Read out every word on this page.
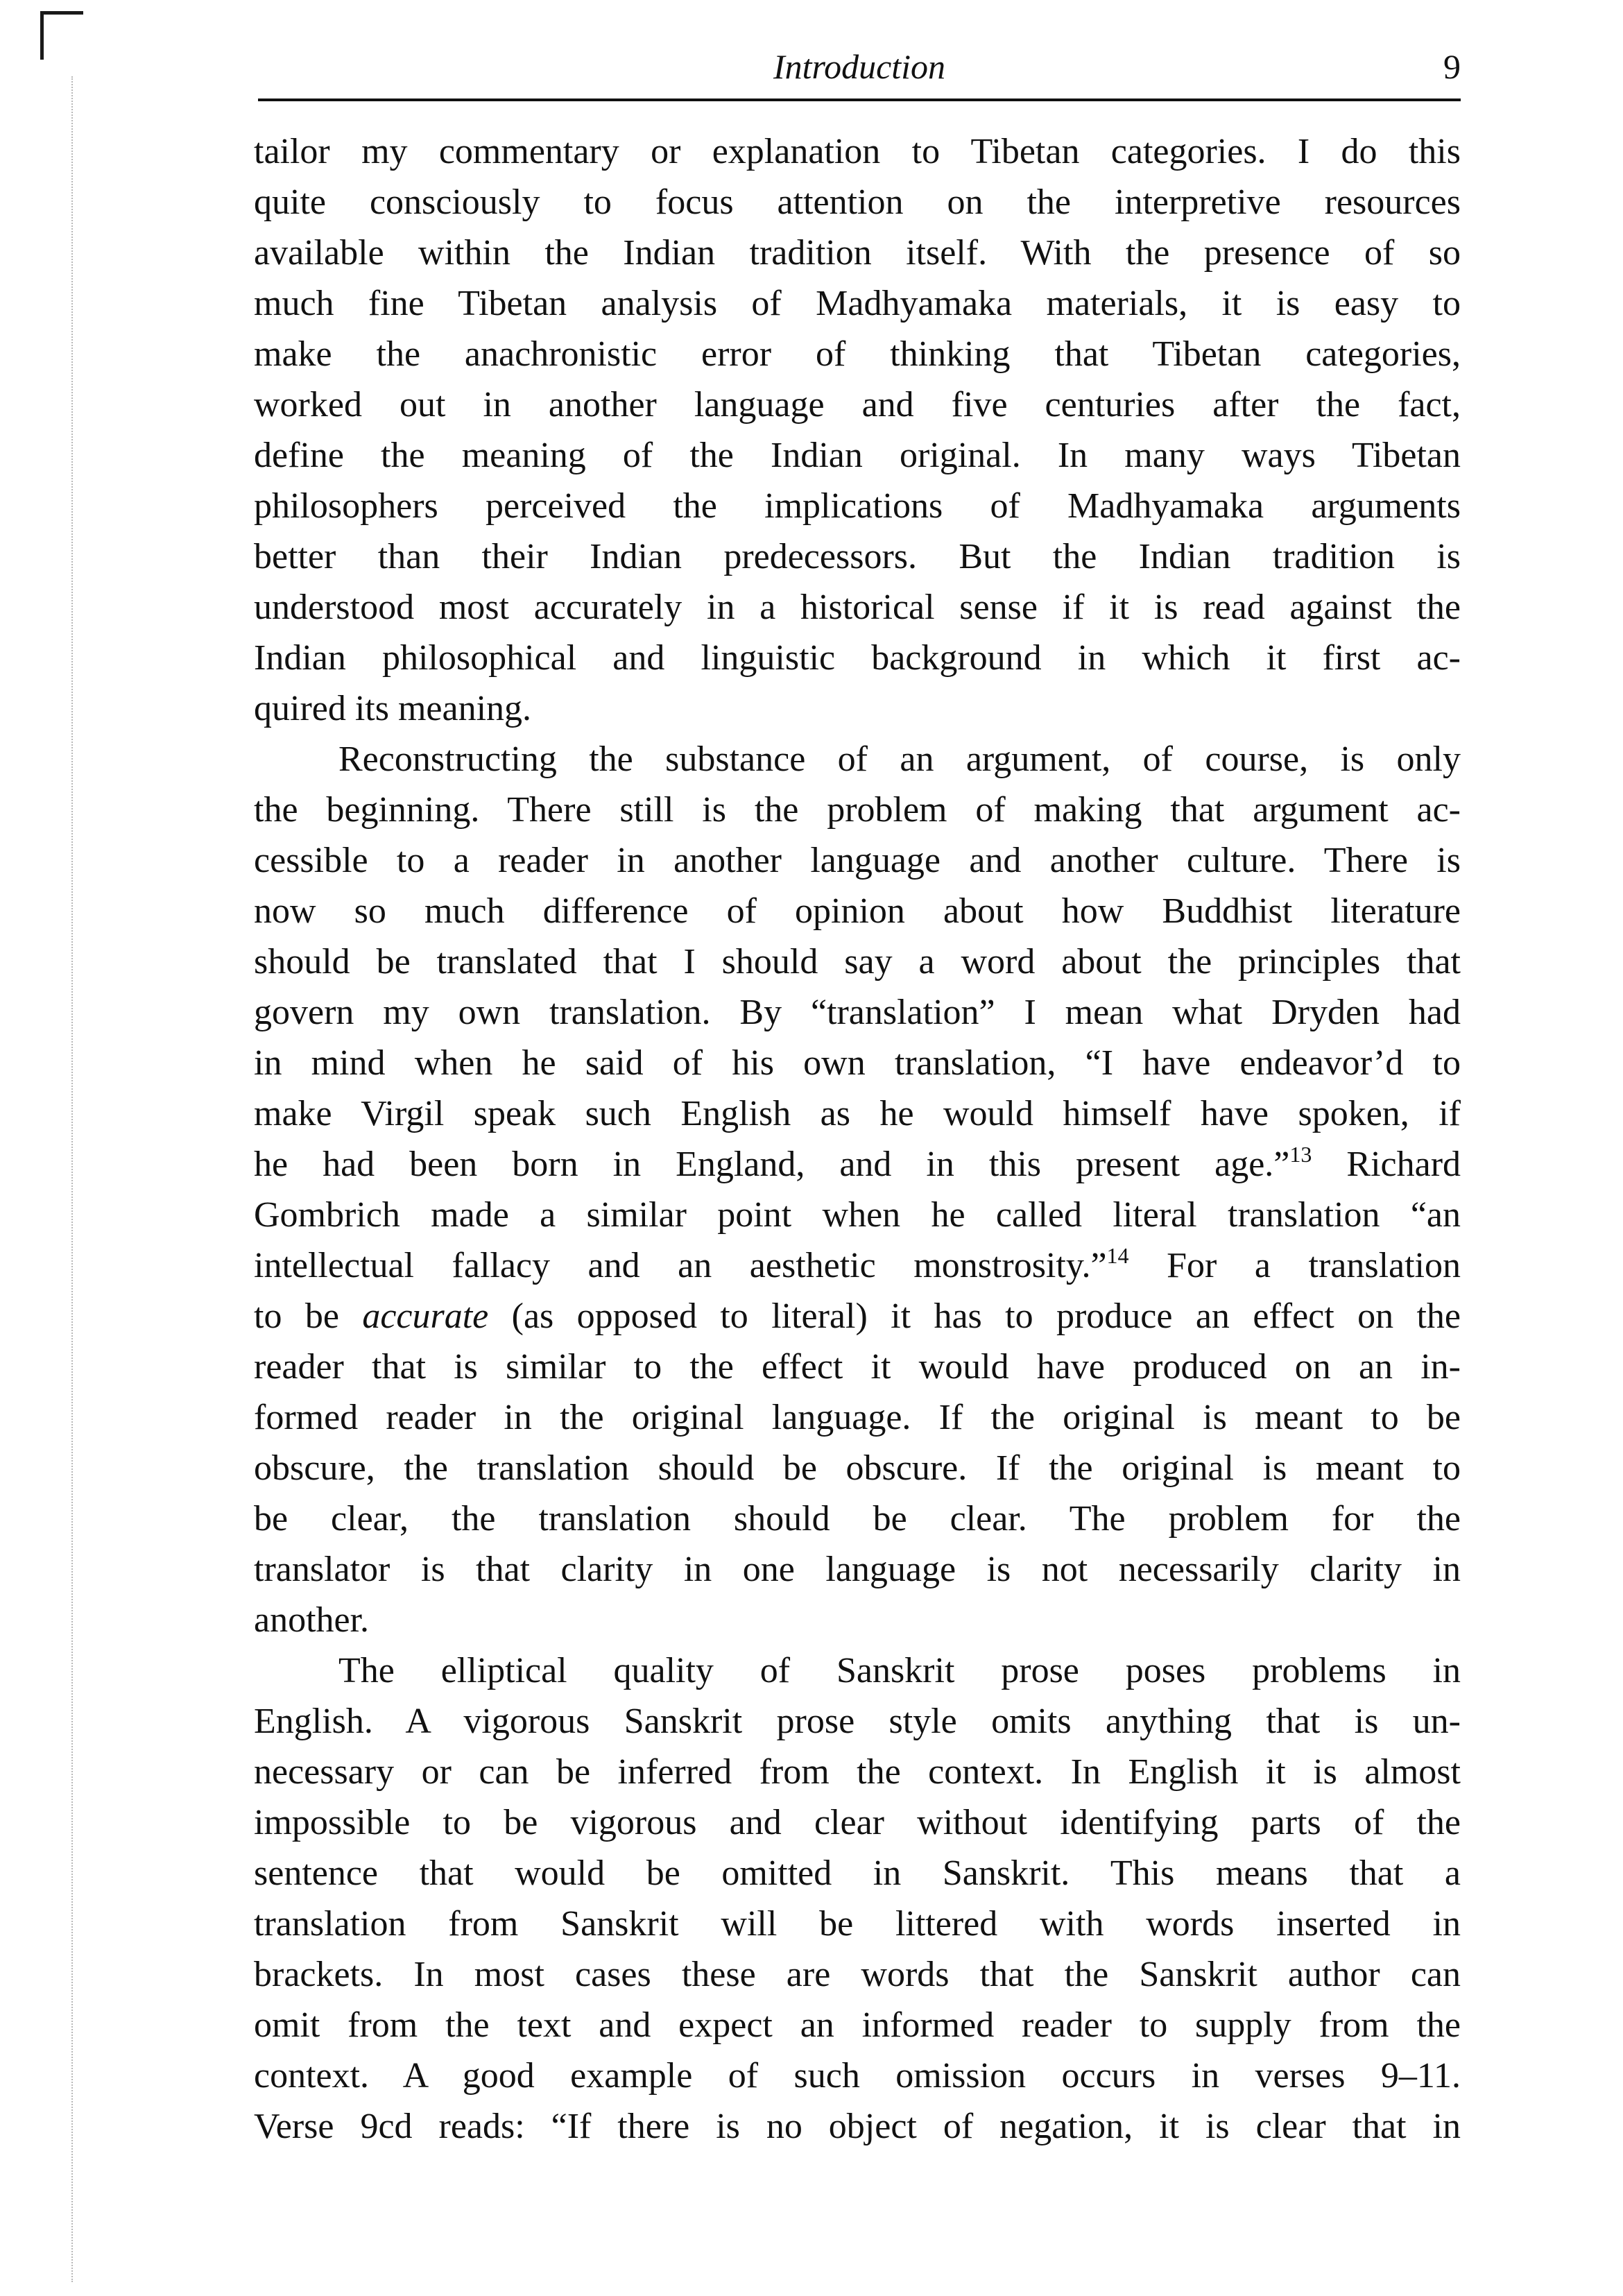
Introduction	9
tailor my commentary or explanation to Tibetan categories. I do this
quite consciously to focus attention on the interpretive resources
available within the Indian tradition itself. With the presence of so
much fine Tibetan analysis of Madhyamaka materials, it is easy to
make the anachronistic error of thinking that Tibetan categories,
worked out in another language and five centuries after the fact,
define the meaning of the Indian original. In many ways Tibetan
philosophers perceived the implications of Madhyamaka arguments
better than their Indian predecessors. But the Indian tradition is
understood most accurately in a historical sense if it is read against the
Indian philosophical and linguistic background in which it first ac-
quired its meaning.
Reconstructing the substance of an argument, of course, is only
the beginning. There still is the problem of making that argument ac-
cessible to a reader in another language and another culture. There is
now so much difference of opinion about how Buddhist literature
should be translated that I should say a word about the principles that
govern my own translation. By “translation” I mean what Dryden had
in mind when he said of his own translation, “I have endeavor’d to
make Virgil speak such English as he would himself have spoken, if
he had been born in England, and in this present age.”$^{13}$ Richard
Gombrich made a similar point when he called literal translation “an
intellectual fallacy and an aesthetic monstrosity.”$^{14}$ For a translation
to be accurate (as opposed to literal) it has to produce an effect on the
reader that is similar to the effect it would have produced on an in-
formed reader in the original language. If the original is meant to be
obscure, the translation should be obscure. If the original is meant to
be clear, the translation should be clear. The problem for the
translator is that clarity in one language is not necessarily clarity in
another.
The elliptical quality of Sanskrit prose poses problems in
English. A vigorous Sanskrit prose style omits anything that is un-
necessary or can be inferred from the context. In English it is almost
impossible to be vigorous and clear without identifying parts of the
sentence that would be omitted in Sanskrit. This means that a
translation from Sanskrit will be littered with words inserted in
brackets. In most cases these are words that the Sanskrit author can
omit from the text and expect an informed reader to supply from the
context. A good example of such omission occurs in verses 9–11.
Verse 9cd reads: “If there is no object of negation, it is clear that in
